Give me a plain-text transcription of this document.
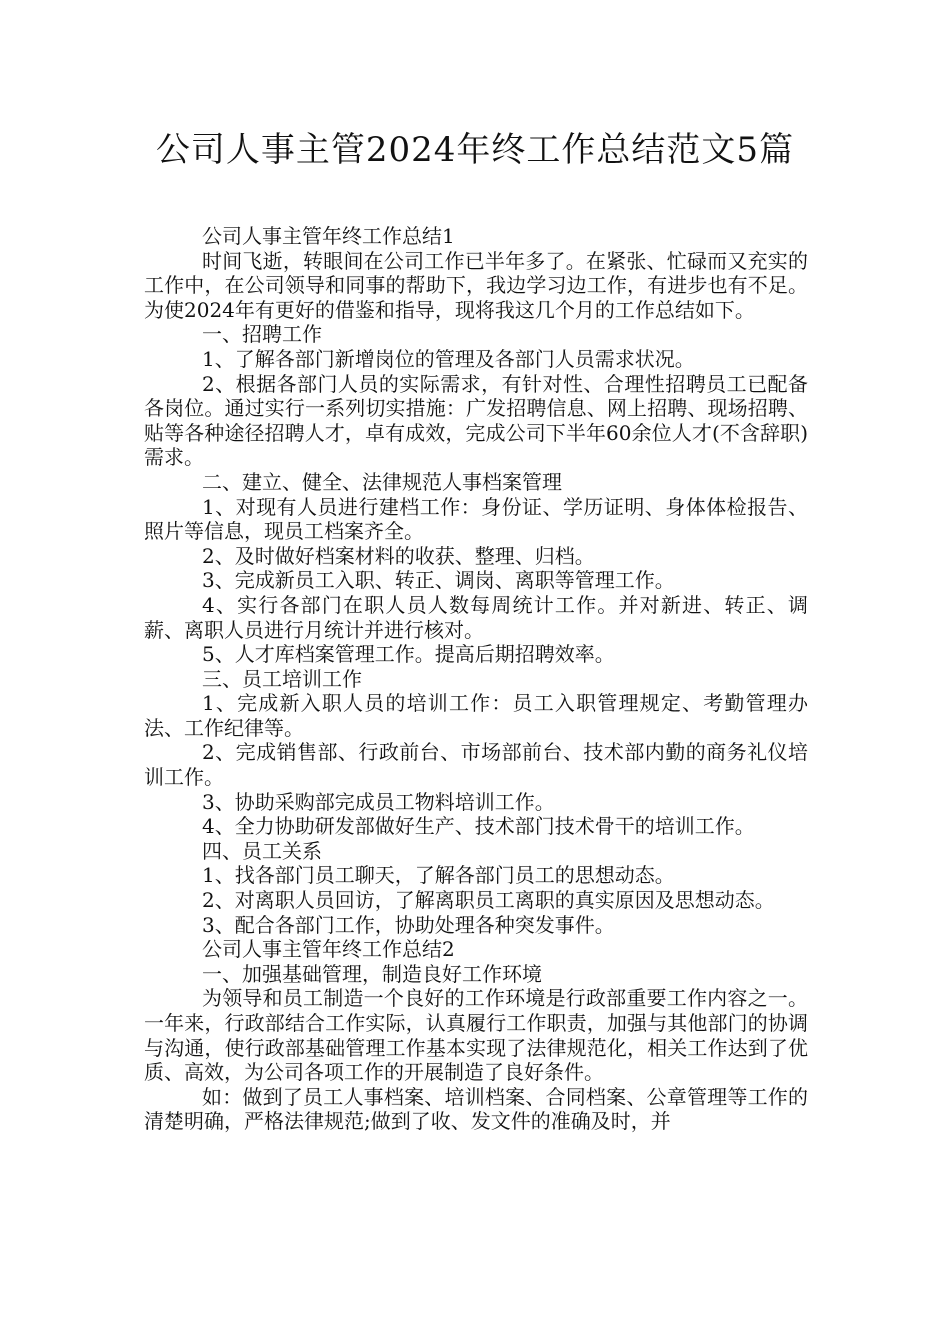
公司人事主管2024年终工作总结范文5篇

公司人事主管年终工作总结1

时间飞逝，转眼间在公司工作已半年多了。在紧张、忙碌而又充实的工作中，在公司领导和同事的帮助下，我边学习边工作，有进步也有不足。为使2024年有更好的借鉴和指导，现将我这几个月的工作总结如下。

一、招聘工作

1、了解各部门新增岗位的管理及各部门人员需求状况。

2、根据各部门人员的实际需求，有针对性、合理性招聘员工已配备各岗位。通过实行一系列切实措施：广发招聘信息、网上招聘、现场招聘、贴等各种途径招聘人才，卓有成效，完成公司下半年60余位人才(不含辞职)需求。

二、建立、健全、法律规范人事档案管理

1、对现有人员进行建档工作：身份证、学历证明、身体体检报告、照片等信息，现员工档案齐全。

2、及时做好档案材料的收获、整理、归档。

3、完成新员工入职、转正、调岗、离职等管理工作。

4、实行各部门在职人员人数每周统计工作。并对新进、转正、调薪、离职人员进行月统计并进行核对。

5、人才库档案管理工作。提高后期招聘效率。

三、员工培训工作

1、完成新入职人员的培训工作：员工入职管理规定、考勤管理办法、工作纪律等。

2、完成销售部、行政前台、市场部前台、技术部内勤的商务礼仪培训工作。

3、协助采购部完成员工物料培训工作。

4、全力协助研发部做好生产、技术部门技术骨干的培训工作。

四、员工关系

1、找各部门员工聊天，了解各部门员工的思想动态。

2、对离职人员回访，了解离职员工离职的真实原因及思想动态。

3、配合各部门工作，协助处理各种突发事件。

公司人事主管年终工作总结2

一、加强基础管理，制造良好工作环境

为领导和员工制造一个良好的工作环境是行政部重要工作内容之一。一年来，行政部结合工作实际，认真履行工作职责，加强与其他部门的协调与沟通，使行政部基础管理工作基本实现了法律规范化，相关工作达到了优质、高效，为公司各项工作的开展制造了良好条件。

如：做到了员工人事档案、培训档案、合同档案、公章管理等工作的清楚明确，严格法律规范;做到了收、发文件的准确及时，并
